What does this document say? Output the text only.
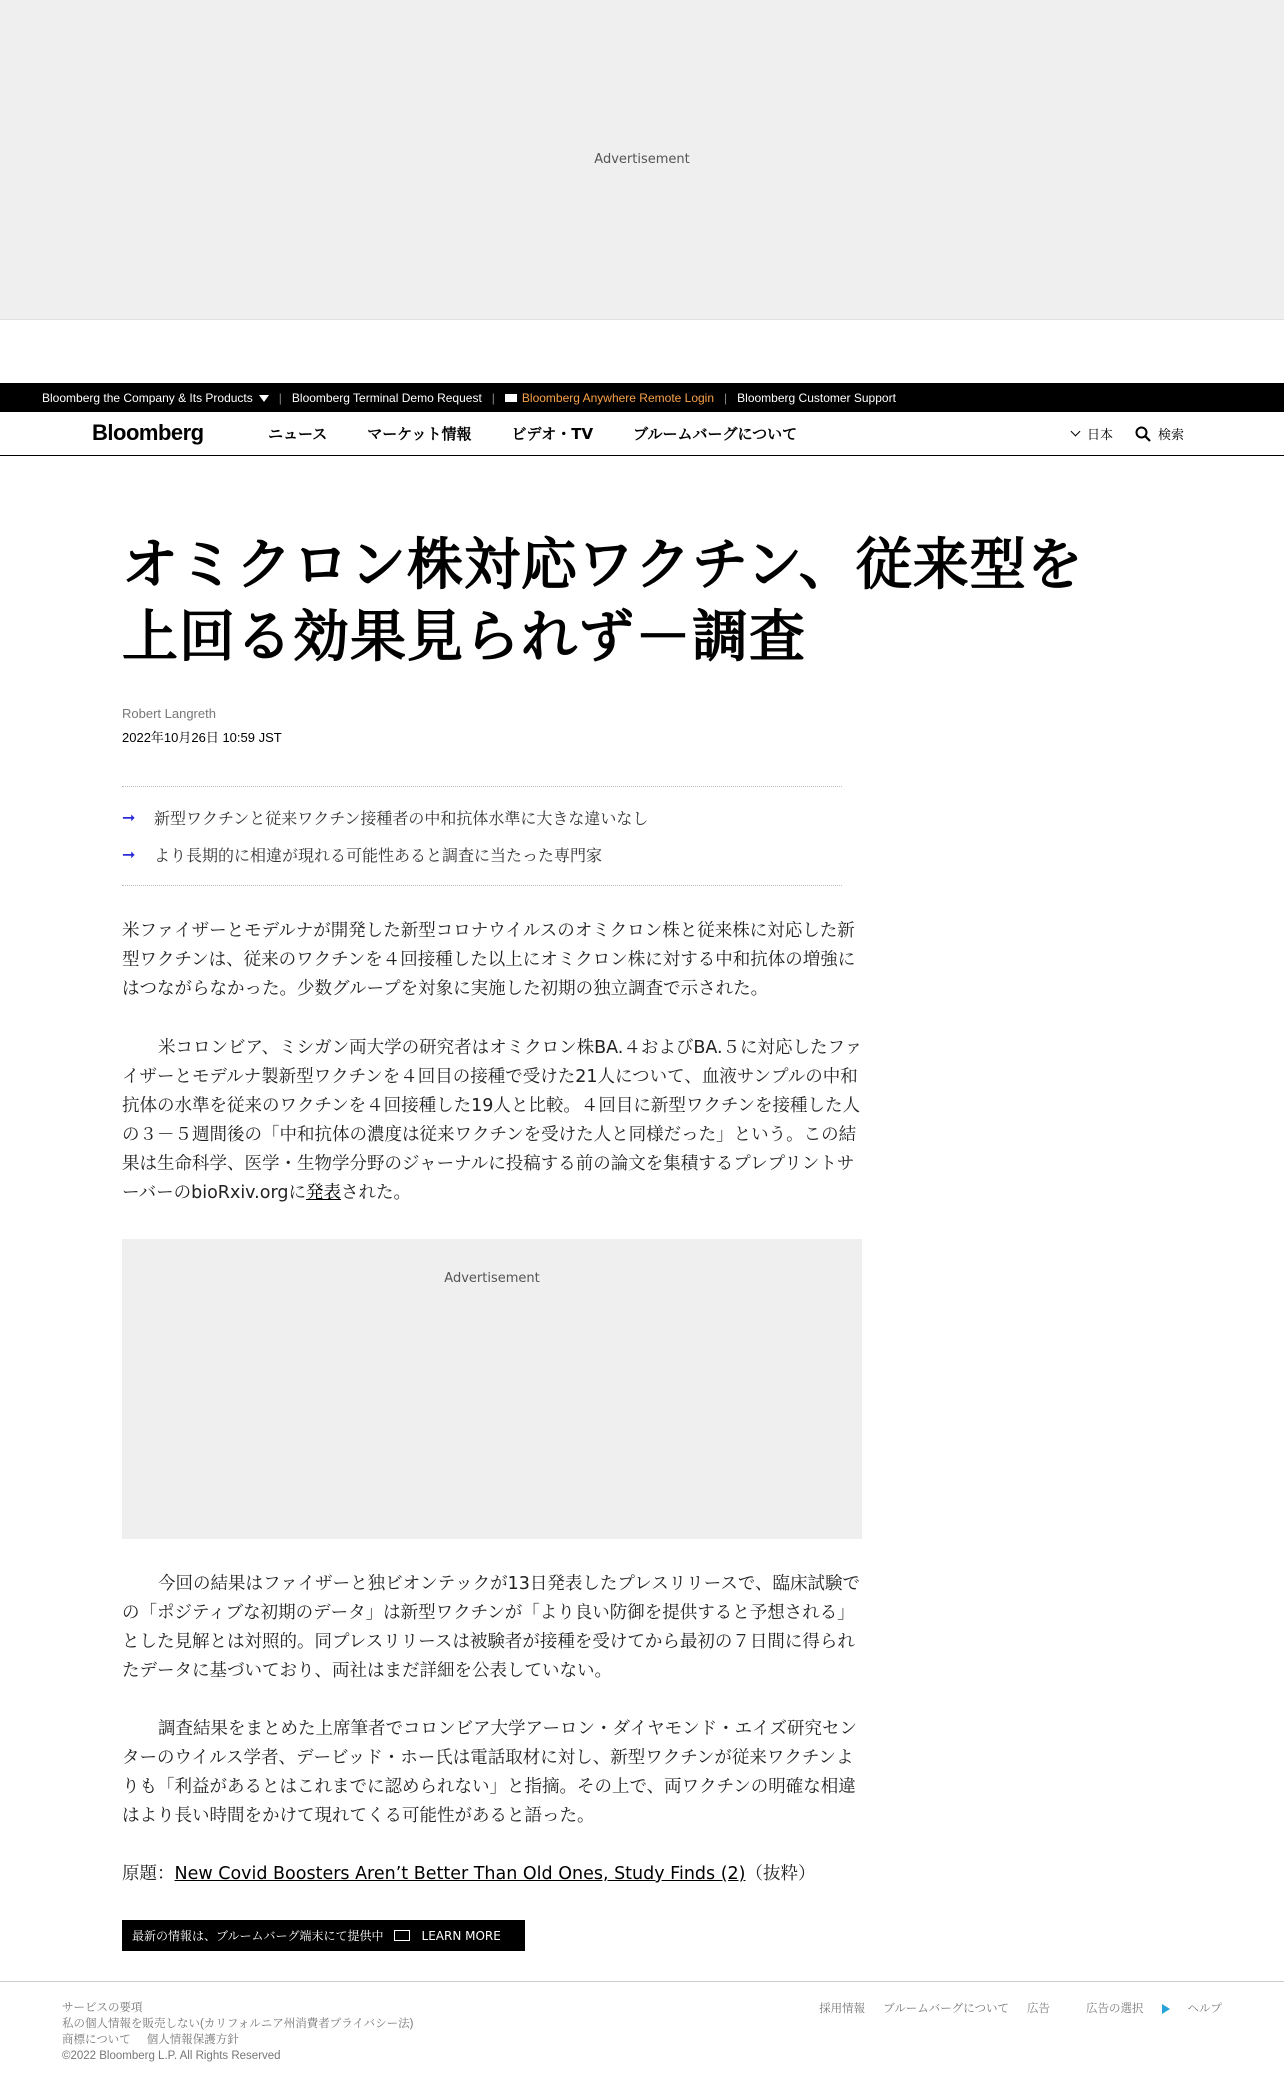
Advertisement
Bloomberg the Company & Its Products	| Bloomberg Terminal Demo Request |	Bloomberg Anywhere Remote Login | Bloomberg Customer Support
Bloomberg	ニュース	マーケット情報	ビデオ・TV	ブルームバーグについて	日本	検索
オミクロン株対応ワクチン、従来型を上回る効果見られず－調査
Robert Langreth
2022年10月26日 10:59 JST
➞	新型ワクチンと従来ワクチン接種者の中和抗体水準に大きな違いなし
➞	より長期的に相違が現れる可能性あると調査に当たった専門家

米ファイザーとモデルナが開発した新型コロナウイルスのオミクロン株と従来株に対応した新型ワクチンは、従来のワクチンを４回接種した以上にオミクロン株に対する中和抗体の増強にはつながらなかった。少数グループを対象に実施した初期の独立調査で示された。

米コロンビア、ミシガン両大学の研究者はオミクロン株BA.４およびBA.５に対応したファイザーとモデルナ製新型ワクチンを４回目の接種で受けた21人について、血液サンプルの中和抗体の水準を従来のワクチンを４回接種した19人と比較。４回目に新型ワクチンを接種した人の３－５週間後の「中和抗体の濃度は従来ワクチンを受けた人と同様だった」という。この結果は生命科学、医学・生物学分野のジャーナルに投稿する前の論文を集積するプレプリントサーバーのbioRxiv.orgに発表された。

Advertisement

今回の結果はファイザーと独ビオンテックが13日発表したプレスリリースで、臨床試験での「ポジティブな初期のデータ」は新型ワクチンが「より良い防御を提供すると予想される」とした見解とは対照的。同プレスリリースは被験者が接種を受けてから最初の７日間に得られたデータに基づいており、両社はまだ詳細を公表していない。

調査結果をまとめた上席筆者でコロンビア大学アーロン・ダイヤモンド・エイズ研究センターのウイルス学者、デービッド・ホー氏は電話取材に対し、新型ワクチンが従来ワクチンよりも「利益があるとはこれまでに認められない」と指摘。その上で、両ワクチンの明確な相違はより長い時間をかけて現れてくる可能性があると語った。

原題：New Covid Boosters Aren’t Better Than Old Ones, Study Finds (2)（抜粋）

最新の情報は、ブルームバーグ端末にて提供中	LEARN MORE
サービスの要項
私の個人情報を販売しない(カリフォルニア州消費者プライバシー法)
商標について 個人情報保護方針
©2022 Bloomberg L.P. All Rights Reserved
採用情報 ブルームバーグについて 広告	広告の選択	ヘルプ
